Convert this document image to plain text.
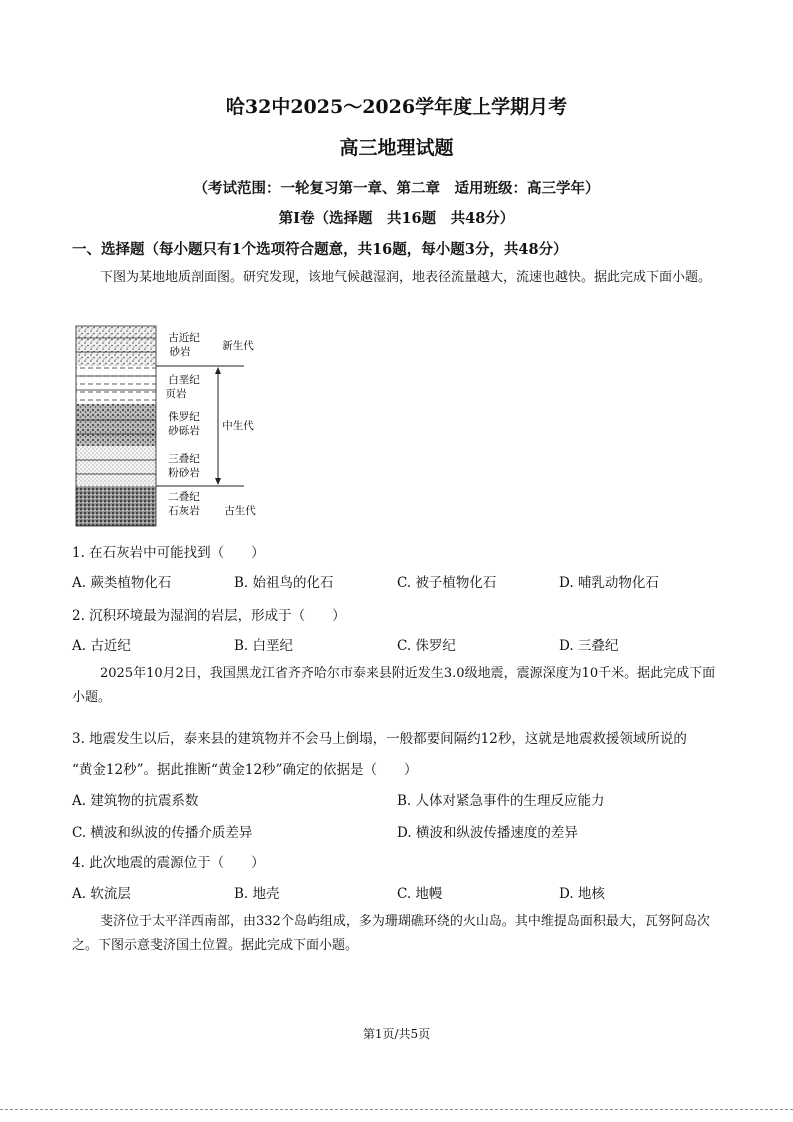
哈32中2025～2026学年度上学期月考
高三地理试题
（考试范围：一轮复习第一章、第二章　适用班级：高三学年）
第Ⅰ卷（选择题　共16题　共48分）
一、选择题（每小题只有1个选项符合题意，共16题，每小题3分，共48分）
下图为某地地质剖面图。研究发现，该地气候越湿润，地表径流量越大，流速也越快。据此完成下面小题。
古近纪
砂岩
白垩纪
页岩
侏罗纪
砂砾岩
三叠纪
粉砂岩
二叠纪
石灰岩
新生代
中生代
古生代
1. 在石灰岩中可能找到（　　）
A. 蕨类植物化石	B. 始祖鸟的化石	C. 被子植物化石	D. 哺乳动物化石
2. 沉积环境最为湿润的岩层，形成于（　　）
A. 古近纪	B. 白垩纪	C. 侏罗纪	D. 三叠纪
2025年10月2日，我国黑龙江省齐齐哈尔市泰来县附近发生3.0级地震，震源深度为10千米。据此完成下面小题。
3. 地震发生以后，泰来县的建筑物并不会马上倒塌，一般都要间隔约12秒，这就是地震救援领域所说的
“黄金12秒”。据此推断“黄金12秒”确定的依据是（　　）
A. 建筑物的抗震系数	B. 人体对紧急事件的生理反应能力
C. 横波和纵波的传播介质差异	D. 横波和纵波传播速度的差异
4. 此次地震的震源位于（　　）
A. 软流层	B. 地壳	C. 地幔	D. 地核
斐济位于太平洋西南部，由332个岛屿组成，多为珊瑚礁环绕的火山岛。其中维提岛面积最大，瓦努阿岛次之。下图示意斐济国土位置。据此完成下面小题。
第1页/共5页
